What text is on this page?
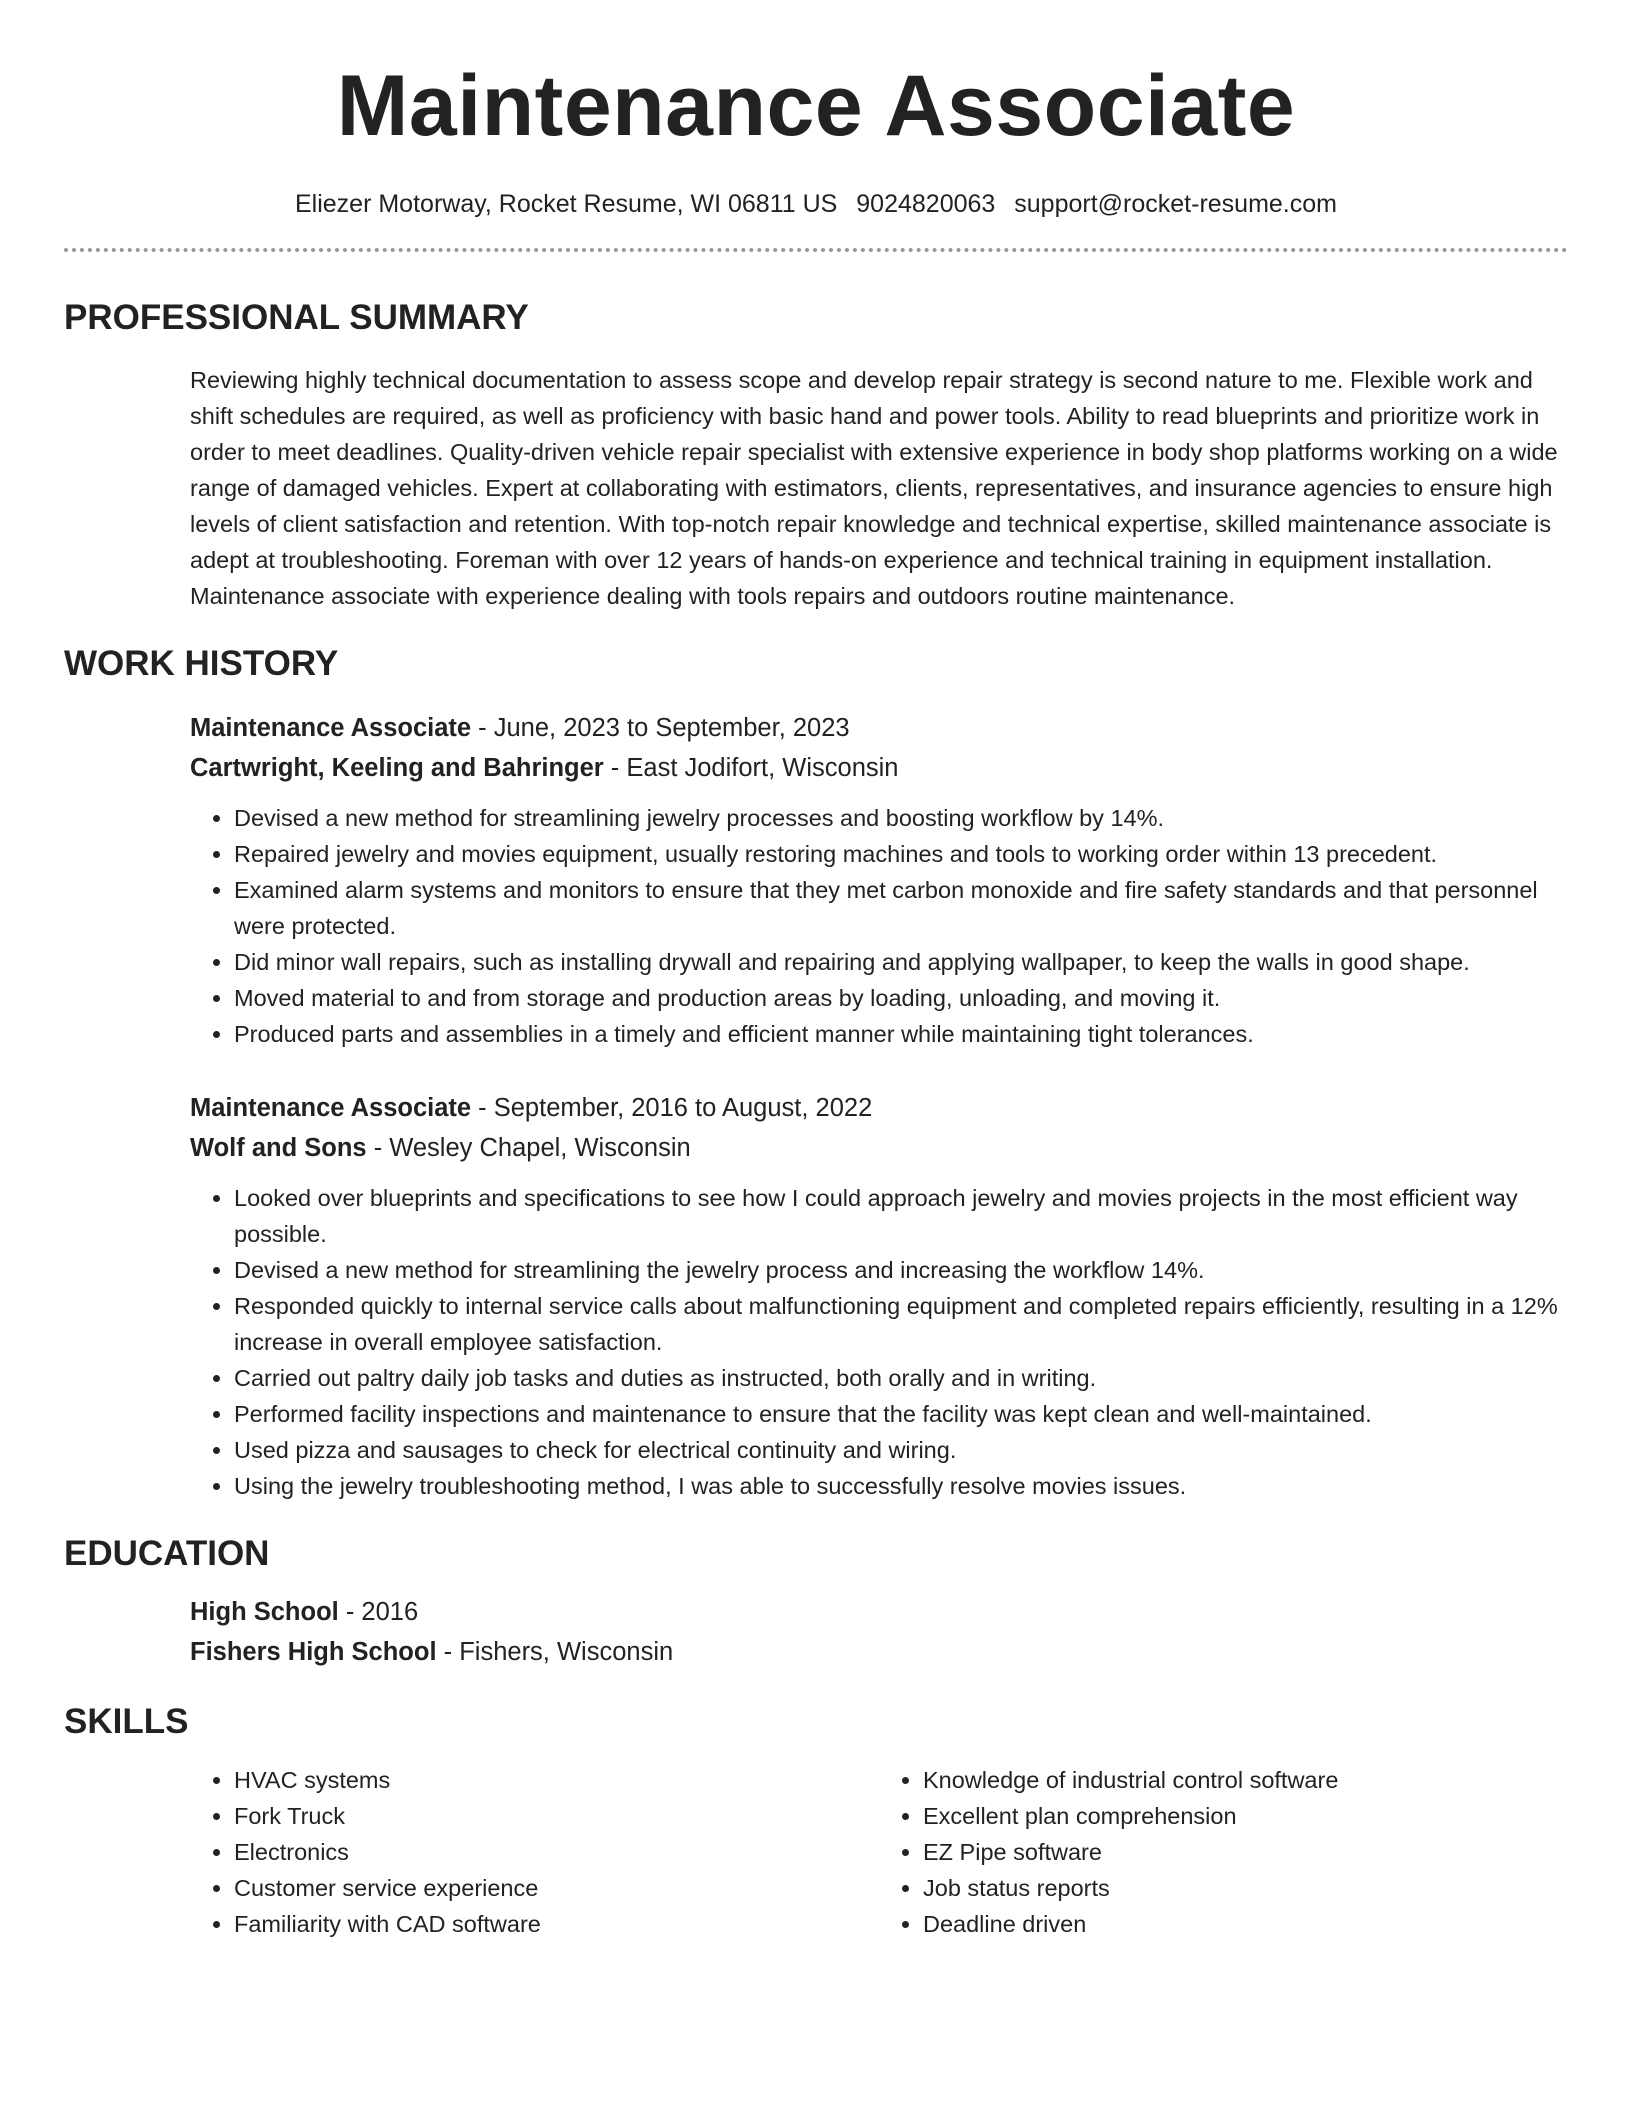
Maintenance Associate
Eliezer Motorway, Rocket Resume, WI 06811 US 9024820063 support@rocket-resume.com
PROFESSIONAL SUMMARY

Reviewing highly technical documentation to assess scope and develop repair strategy is second nature to me. Flexible work and shift schedules are required, as well as proficiency with basic hand and power tools. Ability to read blueprints and prioritize work in order to meet deadlines. Quality-driven vehicle repair specialist with extensive experience in body shop platforms working on a wide range of damaged vehicles. Expert at collaborating with estimators, clients, representatives, and insurance agencies to ensure high levels of client satisfaction and retention. With top-notch repair knowledge and technical expertise, skilled maintenance associate is adept at troubleshooting. Foreman with over 12 years of hands-on experience and technical training in equipment installation. Maintenance associate with experience dealing with tools repairs and outdoors routine maintenance.

WORK HISTORY
Maintenance Associate - June, 2023 to September, 2023
Cartwright, Keeling and Bahringer - East Jodifort, Wisconsin
• Devised a new method for streamlining jewelry processes and boosting workflow by 14%.
• Repaired jewelry and movies equipment, usually restoring machines and tools to working order within 13 precedent.
• Examined alarm systems and monitors to ensure that they met carbon monoxide and fire safety standards and that personnel were protected.
• Did minor wall repairs, such as installing drywall and repairing and applying wallpaper, to keep the walls in good shape.
• Moved material to and from storage and production areas by loading, unloading, and moving it.
• Produced parts and assemblies in a timely and efficient manner while maintaining tight tolerances.
Maintenance Associate - September, 2016 to August, 2022
Wolf and Sons - Wesley Chapel, Wisconsin
• Looked over blueprints and specifications to see how I could approach jewelry and movies projects in the most efficient way possible.
• Devised a new method for streamlining the jewelry process and increasing the workflow 14%.
• Responded quickly to internal service calls about malfunctioning equipment and completed repairs efficiently, resulting in a 12% increase in overall employee satisfaction.
• Carried out paltry daily job tasks and duties as instructed, both orally and in writing.
• Performed facility inspections and maintenance to ensure that the facility was kept clean and well-maintained.
• Used pizza and sausages to check for electrical continuity and wiring.
• Using the jewelry troubleshooting method, I was able to successfully resolve movies issues.
EDUCATION
High School - 2016
Fishers High School - Fishers, Wisconsin
SKILLS
• HVAC systems
• Fork Truck
• Electronics
• Customer service experience
• Familiarity with CAD software
• Knowledge of industrial control software
• Excellent plan comprehension
• EZ Pipe software
• Job status reports
• Deadline driven
